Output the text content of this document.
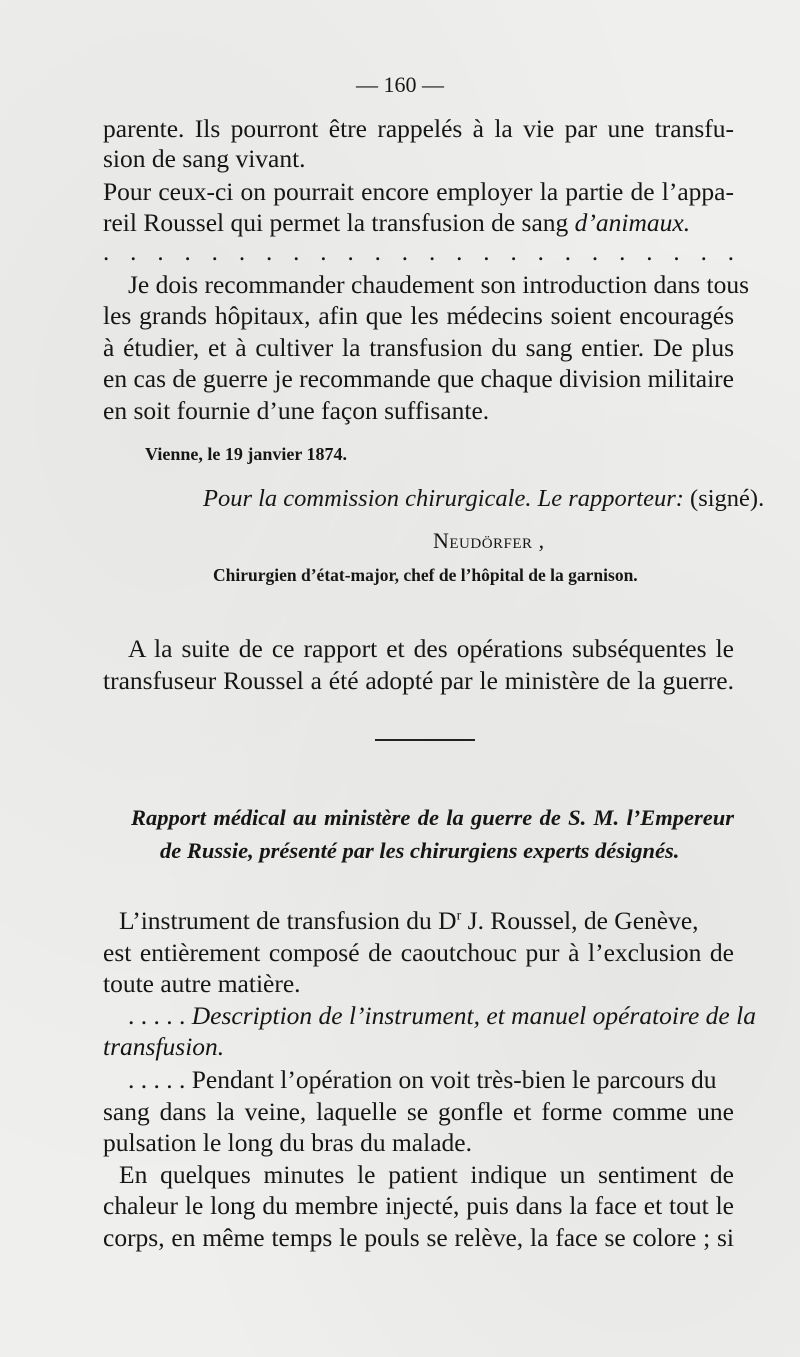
— 160 —
parente. Ils pourront être rappelés à la vie par une transfu-
sion de sang vivant.
Pour ceux-ci on pourrait encore employer la partie de l’appa-
reil Roussel qui permet la transfusion de sang d’animaux.
. . . . . . . . . . . . . . . . . . . . . . . .
Je dois recommander chaudement son introduction dans tous
les grands hôpitaux, afin que les médecins soient encouragés
à étudier, et à cultiver la transfusion du sang entier. De plus
en cas de guerre je recommande que chaque division militaire
en soit fournie d’une façon suffisante.
Vienne, le 19 janvier 1874.
Pour la commission chirurgicale. Le rapporteur: (signé).
Neudörfer ,
Chirurgien d’état-major, chef de l’hôpital de la garnison.
A la suite de ce rapport et des opérations subséquentes le
transfuseur Roussel a été adopté par le ministère de la guerre.
Rapport médical au ministère de la guerre de S. M. l’Empereur
de Russie, présenté par les chirurgiens experts désignés.
L’instrument de transfusion du $D^r$ J. Roussel, de Genève,
est entièrement composé de caoutchouc pur à l’exclusion de
toute autre matière.
. . . . . Description de l’instrument, et manuel opératoire de la
transfusion.
. . . . . Pendant l’opération on voit très-bien le parcours du
sang dans la veine, laquelle se gonfle et forme comme une
pulsation le long du bras du malade.
En quelques minutes le patient indique un sentiment de
chaleur le long du membre injecté, puis dans la face et tout le
corps, en même temps le pouls se relève, la face se colore ; si
